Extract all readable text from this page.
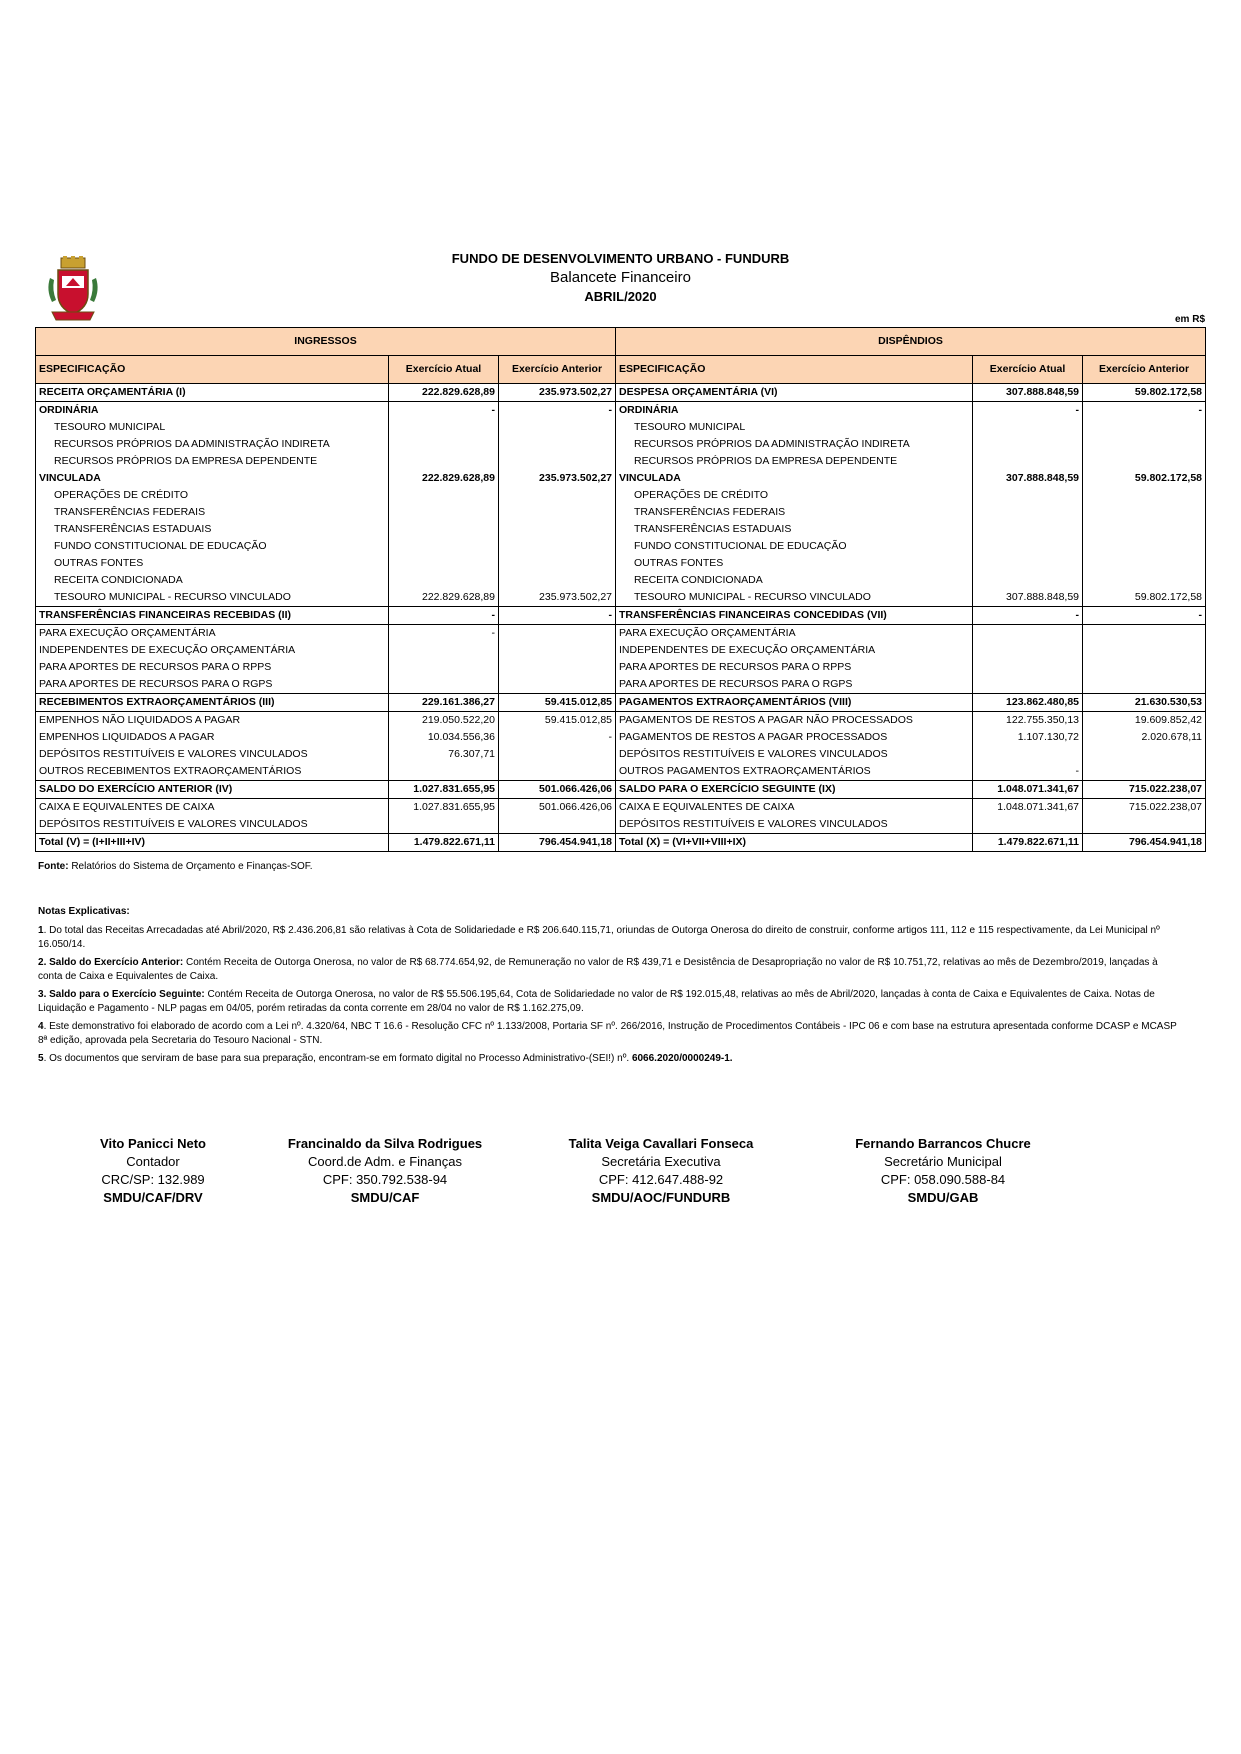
FUNDO DE DESENVOLVIMENTO URBANO - FUNDURB
Balancete Financeiro
ABRIL/2020
em R$
INGRESSOS			DISPÊNDIOS		
ESPECIFICAÇÃO	Exercício Atual	Exercício Anterior	ESPECIFICAÇÃO	Exercício Atual	Exercício Anterior
RECEITA ORÇAMENTÁRIA (I)	222.829.628,89	235.973.502,27	DESPESA ORÇAMENTÁRIA (VI)	307.888.848,59	59.802.172,58
ORDINÁRIA	-	-	ORDINÁRIA	-	-
TESOURO MUNICIPAL			TESOURO MUNICIPAL		
RECURSOS PRÓPRIOS DA ADMINISTRAÇÃO INDIRETA			RECURSOS PRÓPRIOS DA ADMINISTRAÇÃO INDIRETA		
RECURSOS PRÓPRIOS DA EMPRESA DEPENDENTE			RECURSOS PRÓPRIOS DA EMPRESA DEPENDENTE		
VINCULADA	222.829.628,89	235.973.502,27	VINCULADA	307.888.848,59	59.802.172,58
OPERAÇÕES DE CRÉDITO			OPERAÇÕES DE CRÉDITO		
TRANSFERÊNCIAS FEDERAIS			TRANSFERÊNCIAS FEDERAIS		
TRANSFERÊNCIAS ESTADUAIS			TRANSFERÊNCIAS ESTADUAIS		
FUNDO CONSTITUCIONAL DE EDUCAÇÃO			FUNDO CONSTITUCIONAL DE EDUCAÇÃO		
OUTRAS FONTES			OUTRAS FONTES		
RECEITA CONDICIONADA			RECEITA CONDICIONADA		
TESOURO MUNICIPAL - RECURSO VINCULADO	222.829.628,89	235.973.502,27	TESOURO MUNICIPAL - RECURSO VINCULADO	307.888.848,59	59.802.172,58
TRANSFERÊNCIAS FINANCEIRAS RECEBIDAS (II)	-	-	TRANSFERÊNCIAS FINANCEIRAS CONCEDIDAS (VII)	-	-
PARA EXECUÇÃO ORÇAMENTÁRIA	-		PARA EXECUÇÃO ORÇAMENTÁRIA		
INDEPENDENTES DE EXECUÇÃO ORÇAMENTÁRIA			INDEPENDENTES DE EXECUÇÃO ORÇAMENTÁRIA		
PARA APORTES DE RECURSOS PARA O RPPS			PARA APORTES DE RECURSOS PARA O RPPS		
PARA APORTES DE RECURSOS PARA O RGPS			PARA APORTES DE RECURSOS PARA O RGPS		
RECEBIMENTOS EXTRAORÇAMENTÁRIOS (III)	229.161.386,27	59.415.012,85	PAGAMENTOS EXTRAORÇAMENTÁRIOS (VIII)	123.862.480,85	21.630.530,53
EMPENHOS NÃO LIQUIDADOS A PAGAR	219.050.522,20	59.415.012,85	PAGAMENTOS DE RESTOS A PAGAR NÃO PROCESSADOS	122.755.350,13	19.609.852,42
EMPENHOS LIQUIDADOS A PAGAR	10.034.556,36	-	PAGAMENTOS DE RESTOS A PAGAR PROCESSADOS	1.107.130,72	2.020.678,11
DEPÓSITOS RESTITUÍVEIS E VALORES VINCULADOS	76.307,71		DEPÓSITOS RESTITUÍVEIS E VALORES VINCULADOS		
OUTROS RECEBIMENTOS EXTRAORÇAMENTÁRIOS			OUTROS PAGAMENTOS EXTRAORÇAMENTÁRIOS	-	
SALDO DO EXERCÍCIO ANTERIOR (IV)	1.027.831.655,95	501.066.426,06	SALDO PARA O EXERCÍCIO SEGUINTE (IX)	1.048.071.341,67	715.022.238,07
CAIXA E EQUIVALENTES DE CAIXA	1.027.831.655,95	501.066.426,06	CAIXA E EQUIVALENTES DE CAIXA	1.048.071.341,67	715.022.238,07
DEPÓSITOS RESTITUÍVEIS E VALORES VINCULADOS			DEPÓSITOS RESTITUÍVEIS E VALORES VINCULADOS		
Total (V) = (I+II+III+IV)	1.479.822.671,11	796.454.941,18	Total (X) = (VI+VII+VIII+IX)	1.479.822.671,11	796.454.941,18
Fonte: Relatórios do Sistema de Orçamento e Finanças-SOF.
Notas Explicativas:

1. Do total das Receitas Arrecadadas até Abril/2020, R$ 2.436.206,81 são relativas à Cota de Solidariedade e R$ 206.640.115,71, oriundas de Outorga Onerosa do direito de construir, conforme artigos 111, 112 e 115 respectivamente, da Lei Municipal nº 16.050/14.

2. Saldo do Exercício Anterior: Contém Receita de Outorga Onerosa, no valor de R$ 68.774.654,92, de Remuneração no valor de R$ 439,71 e Desistência de Desapropriação no valor de R$ 10.751,72, relativas ao mês de Dezembro/2019, lançadas à conta de Caixa e Equivalentes de Caixa.

3. Saldo para o Exercício Seguinte: Contém Receita de Outorga Onerosa, no valor de R$ 55.506.195,64, Cota de Solidariedade no valor de R$ 192.015,48, relativas ao mês de Abril/2020, lançadas à conta de Caixa e Equivalentes de Caixa. Notas de Liquidação e Pagamento - NLP pagas em 04/05, porém retiradas da conta corrente em 28/04 no valor de R$ 1.162.275,09.

4. Este demonstrativo foi elaborado de acordo com a Lei nº. 4.320/64, NBC T 16.6 - Resolução CFC nº 1.133/2008, Portaria SF nº. 266/2016, Instrução de Procedimentos Contábeis - IPC 06 e com base na estrutura apresentada conforme DCASP e MCASP 8ª edição, aprovada pela Secretaria do Tesouro Nacional - STN.

5. Os documentos que serviram de base para sua preparação, encontram-se em formato digital no Processo Administrativo-(SEI!) nº. 6066.2020/0000249-1.

Vito Panicci Neto
Contador
CRC/SP: 132.989
SMDU/CAF/DRV
Francinaldo da Silva Rodrigues
Coord.de Adm. e Finanças
CPF: 350.792.538-94
SMDU/CAF
Talita Veiga Cavallari Fonseca
Secretária Executiva
CPF: 412.647.488-92
SMDU/AOC/FUNDURB
Fernando Barrancos Chucre
Secretário Municipal
CPF: 058.090.588-84
SMDU/GAB
